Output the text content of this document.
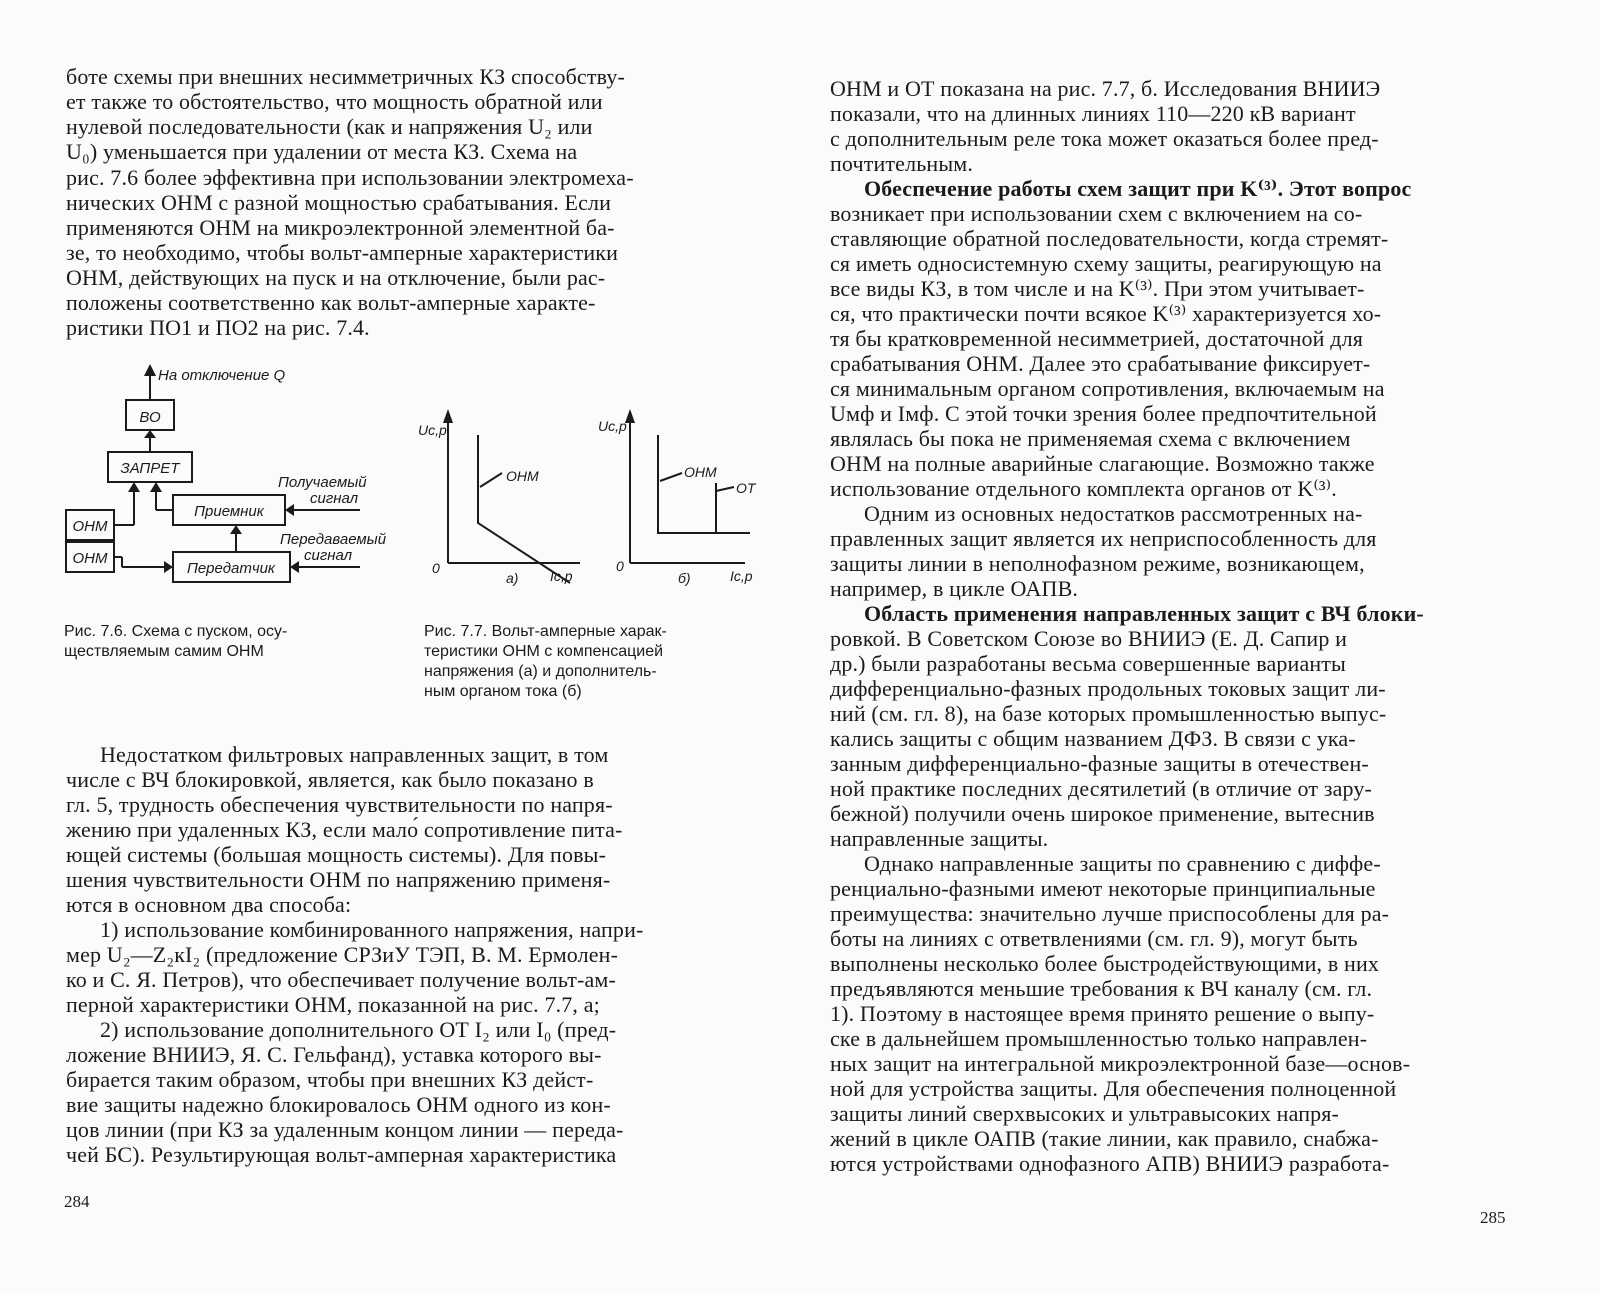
боте схемы при внешних несимметричных КЗ способству-
ет также то обстоятельство, что мощность обратной или
нулевой последовательности (как и напряжения U₂ или
U₀) уменьшается при удалении от места КЗ. Схема на
рис. 7.6 более эффективна при использовании электромеха-
нических ОНМ с разной мощностью срабатывания. Если
применяются ОНМ на микроэлектронной элементной ба-
зе, то необходимо, чтобы вольт-амперные характеристики
ОНМ, действующих на пуск и на отключение, были рас-
положены соответственно как вольт-амперные характе-
ристики ПО1 и ПО2 на рис. 7.4.
На отключение Q
ВО
ЗАПРЕТ
Приемник
Передатчик
ОНМ
ОНМ
Получаемый
сигнал
Передаваемый
сигнал
Uс,р
ОНМ
0	Iс,р
а)
Uс,р
ОНМ
ОТ
0
Iс,р
б)
Рис. 7.6. Схема с пуском, осу-
ществляемым самим ОНМ
Рис. 7.7. Вольт-амперные харак-
теристики ОНМ с компенсацией
напряжения (а) и дополнитель-
ным органом тока (б)
Недостатком фильтровых направленных защит, в том
числе с ВЧ блокировкой, является, как было показано в
гл. 5, трудность обеспечения чувствительности по напря-
жению при удаленных КЗ, если мало́ сопротивление пита-
ющей системы (большая мощность системы). Для повы-
шения чувствительности ОНМ по напряжению применя-
ются в основном два способа:
1) использование комбинированного напряжения, напри-
мер U₂—Z₂кI₂ (предложение СРЗиУ ТЭП, В. М. Ермолен-
ко и С. Я. Петров), что обеспечивает получение вольт-ам-
перной характеристики ОНМ, показанной на рис. 7.7, а;
2) использование дополнительного ОТ I₂ или I₀ (пред-
ложение ВНИИЭ, Я. С. Гельфанд), уставка которого вы-
бирается таким образом, чтобы при внешних КЗ дейст-
вие защиты надежно блокировалось ОНМ одного из кон-
цов линии (при КЗ за удаленным концом линии — переда-
чей БС). Результирующая вольт-амперная характеристика
284
ОНМ и ОТ показана на рис. 7.7, б. Исследования ВНИИЭ
показали, что на длинных линиях 110—220 кВ вариант
с дополнительным реле тока может оказаться более пред-
почтительным.
Обеспечение работы схем защит при K⁽³⁾. Этот вопрос
возникает при использовании схем с включением на со-
ставляющие обратной последовательности, когда стремят-
ся иметь односистемную схему защиты, реагирующую на
все виды КЗ, в том числе и на K⁽³⁾. При этом учитывает-
ся, что практически почти всякое K⁽³⁾ характеризуется хо-
тя бы кратковременной несимметрией, достаточной для
срабатывания ОНМ. Далее это срабатывание фиксирует-
ся минимальным органом сопротивления, включаемым на
Uмф и Iмф. С этой точки зрения более предпочтительной
являлась бы пока не применяемая схема с включением
ОНМ на полные аварийные слагающие. Возможно также
использование отдельного комплекта органов от K⁽³⁾.
Одним из основных недостатков рассмотренных на-
правленных защит является их неприспособленность для
защиты линии в неполнофазном режиме, возникающем,
например, в цикле ОАПВ.
Область применения направленных защит с ВЧ блоки-
ровкой. В Советском Союзе во ВНИИЭ (Е. Д. Сапир и
др.) были разработаны весьма совершенные варианты
дифференциально-фазных продольных токовых защит ли-
ний (см. гл. 8), на базе которых промышленностью выпус-
кались защиты с общим названием ДФЗ. В связи с ука-
занным дифференциально-фазные защиты в отечествен-
ной практике последних десятилетий (в отличие от зару-
бежной) получили очень широкое применение, вытеснив
направленные защиты.
Однако направленные защиты по сравнению с диффе-
ренциально-фазными имеют некоторые принципиальные
преимущества: значительно лучше приспособлены для ра-
боты на линиях с ответвлениями (см. гл. 9), могут быть
выполнены несколько более быстродействующими, в них
предъявляются меньшие требования к ВЧ каналу (см. гл.
1). Поэтому в настоящее время принято решение о выпу-
ске в дальнейшем промышленностью только направлен-
ных защит на интегральной микроэлектронной базе—основ-
ной для устройства защиты. Для обеспечения полноценной
защиты линий сверхвысоких и ультравысоких напря-
жений в цикле ОАПВ (такие линии, как правило, снабжа-
ются устройствами однофазного АПВ) ВНИИЭ разработа-
285
